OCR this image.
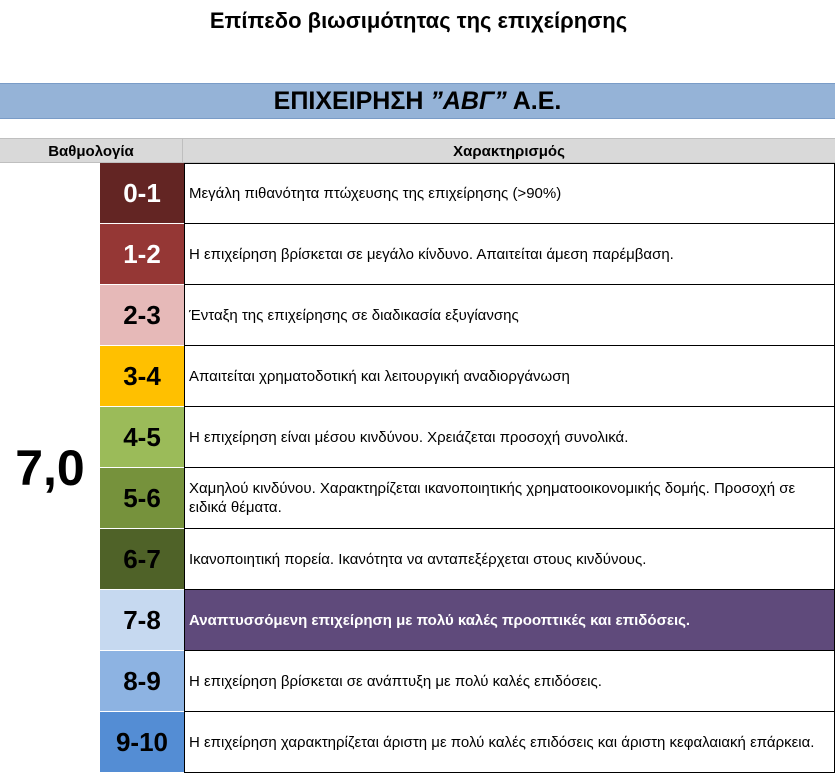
Επίπεδο βιωσιμότητας της επιχείρησης
ΕΠΙΧΕΙΡΗΣΗ ”ΑΒΓ” Α.Ε.
Βαθμολογία	Χαρακτηρισμός
7,0
0-1	Μεγάλη πιθανότητα πτώχευσης της επιχείρησης (>90%)
1-2	Η επιχείρηση βρίσκεται σε μεγάλο κίνδυνο. Απαιτείται άμεση παρέμβαση.
2-3	Ένταξη της επιχείρησης σε διαδικασία εξυγίανσης
3-4	Απαιτείται χρηματοδοτική και λειτουργική αναδιοργάνωση
4-5	Η επιχείρηση είναι μέσου κινδύνου. Χρειάζεται προσοχή συνολικά.
5-6	Χαμηλού κινδύνου. Χαρακτηρίζεται ικανοποιητικής χρηματοοικονομικής δομής. Προσοχή σε ειδικά θέματα.
6-7	Ικανοποιητική πορεία. Ικανότητα να ανταπεξέρχεται στους κινδύνους.
7-8	Αναπτυσσόμενη επιχείρηση με πολύ καλές προοπτικές και επιδόσεις.
8-9	Η επιχείρηση βρίσκεται σε ανάπτυξη με πολύ καλές επιδόσεις.
9-10	Η επιχείρηση χαρακτηρίζεται άριστη με πολύ καλές επιδόσεις και άριστη κεφαλαιακή επάρκεια.
